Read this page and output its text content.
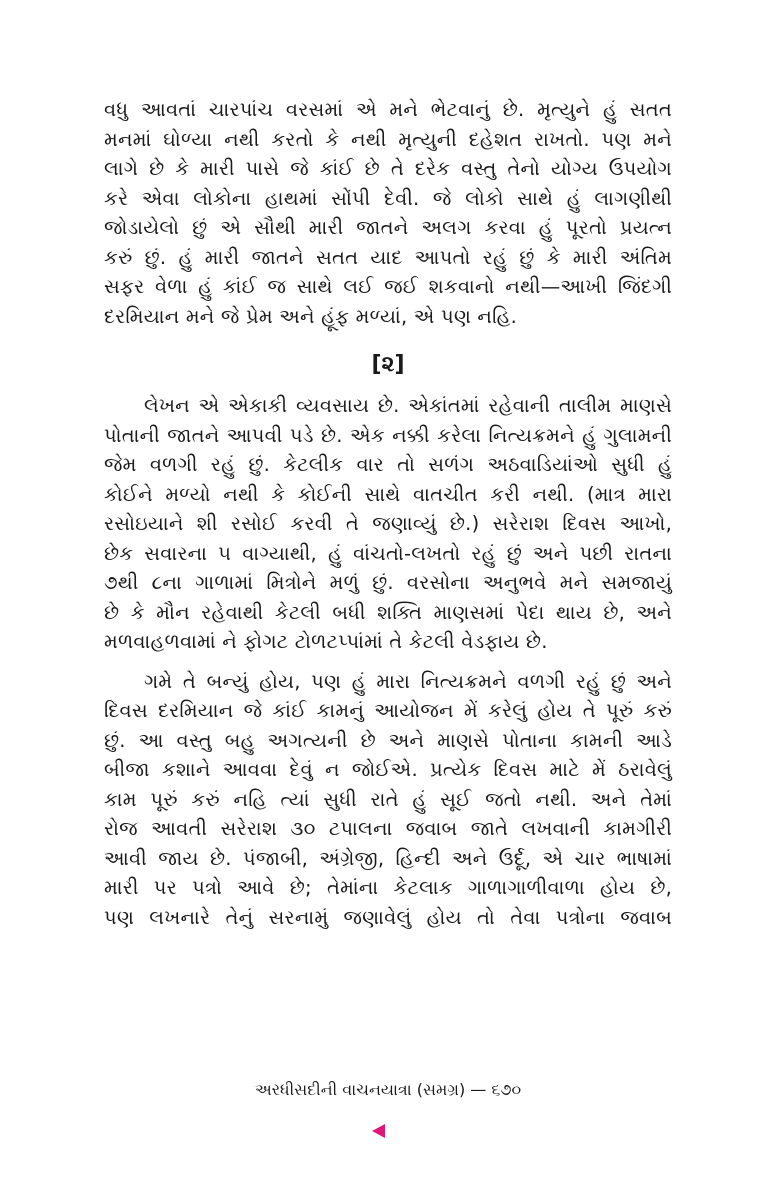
વધુ આવતાં ચારપાંચ વરસમાં એ મને ભેટવાનું છે. મૃત્યુને હું સતત
મનમાં ઘોળ્યા નથી કરતો કે નથી મૃત્યુની દહેશત રાખતો. પણ મને
લાગે છે કે મારી પાસે જે કાંઈ છે તે દરેક વસ્તુ તેનો યોગ્ય ઉપયોગ
કરે એવા લોકોના હાથમાં સોંપી દેવી. જે લોકો સાથે હું લાગણીથી
જોડાયેલો છું એ સૌથી મારી જાતને અલગ કરવા હું પૂરતો પ્રયત્ન
કરું છું. હું મારી જાતને સતત યાદ આપતો રહું છું કે મારી અંતિમ
સફર વેળા હું કાંઈ જ સાથે લઈ જઈ શકવાનો નથી—આખી જિંદગી
દરમિયાન મને જે પ્રેમ અને હૂંફ મળ્યાં, એ પણ નહિ.
[૨]
લેખન એ એકાકી વ્યવસાય છે. એકાંતમાં રહેવાની તાલીમ માણસે
પોતાની જાતને આપવી પડે છે. એક નક્કી કરેલા નિત્યક્રમને હું ગુલામની
જેમ વળગી રહું છું. કેટલીક વાર તો સળંગ અઠવાડિયાંઓ સુધી હું
કોઈને મળ્યો નથી કે કોઈની સાથે વાતચીત કરી નથી. (માત્ર મારા
રસોઇયાને શી રસોઈ કરવી તે જણાવ્યું છે.) સરેરાશ દિવસ આખો,
છેક સવારના ૫ વાગ્યાથી, હું વાંચતો-લખતો રહું છું અને પછી રાતના
૭થી ૮ના ગાળામાં મિત્રોને મળું છું. વરસોના અનુભવે મને સમજાયું
છે કે મૌન રહેવાથી કેટલી બધી શક્તિ માણસમાં પેદા થાય છે, અને
મળવાહળવામાં ને ફોગટ ટોળટપ્પાંમાં તે કેટલી વેડફાય છે.
ગમે તે બન્યું હોય, પણ હું મારા નિત્યક્રમને વળગી રહું છું અને
દિવસ દરમિયાન જે કાંઈ કામનું આયોજન મેં કરેલું હોય તે પૂરું કરું
છું. આ વસ્તુ બહુ અગત્યની છે અને માણસે પોતાના કામની આડે
બીજા કશાને આવવા દેવું ન જોઈએ. પ્રત્યેક દિવસ માટે મેં ઠરાવેલું
કામ પૂરું કરું નહિ ત્યાં સુધી રાતે હું સૂઈ જતો નથી. અને તેમાં
રોજ આવતી સરેરાશ ૩૦ ટપાલના જવાબ જાતે લખવાની કામગીરી
આવી જાય છે. પંજાબી, અંગ્રેજી, હિન્દી અને ઉર્દૂ, એ ચાર ભાષામાં
મારી પર પત્રો આવે છે; તેમાંના કેટલાક ગાળાગાળીવાળા હોય છે,
પણ લખનારે તેનું સરનામું જણાવેલું હોય તો તેવા પત્રોના જવાબ
અરધીસદીની વાચનયાત્રા (સમગ્ર) — ૬૭૦
